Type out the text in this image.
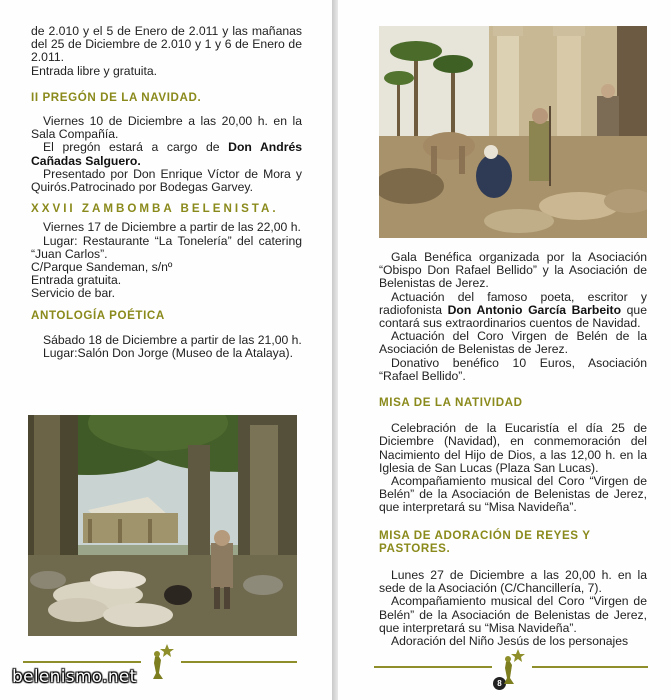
de 2.010 y el 5 de Enero de 2.011 y las mañanas del 25 de Diciembre de 2.010 y 1 y 6 de Enero de 2.011.

Entrada libre y gratuita.

II PREGÓN DE LA NAVIDAD.

Viernes 10 de Diciembre a las 20,00 h. en la Sala Compañía.

El pregón estará a cargo de Don Andrés Cañadas Salguero.

Presentado por Don Enrique Víctor de Mora y Quirós.Patrocinado por Bodegas Garvey.

XXVII ZAMBOMBA BELENISTA.

Viernes 17 de Diciembre a partir de las 22,00 h.

Lugar: Restaurante “La Tonelería” del catering “Juan Carlos”.

C/Parque Sandeman, s/nº

Entrada gratuita.

Servicio de bar.

ANTOLOGÍA POÉTICA

Sábado 18 de Diciembre a partir de las 21,00 h.

Lugar:Salón Don Jorge (Museo de la Atalaya).

Gala Benéfica organizada por la Asociación “Obispo Don Rafael Bellido” y la Asociación de Belenistas de Jerez.

Actuación del famoso poeta, escritor y radiofonista Don Antonio García Barbeito que contará sus extraordinarios cuentos de Navidad.

Actuación del Coro Virgen de Belén de la Asociación de Belenistas de Jerez.

Donativo benéfico 10 Euros, Asociación “Rafael Bellido”.

MISA DE LA NATIVIDAD

Celebración de la Eucaristía el día 25 de Diciembre (Navidad), en conmemoración del Nacimiento del Hijo de Dios, a las 12,00 h. en la Iglesia de San Lucas (Plaza San Lucas).

Acompañamiento musical del Coro “Virgen de Belén” de la Asociación de Belenistas de Jerez, que interpretará su “Misa Navideña”.

MISA DE ADORACIÓN DE REYES Y PASTORES.

Lunes 27 de Diciembre a las 20,00 h. en la sede de la Asociación (C/Chancillería, 7).

Acompañamiento musical del Coro “Virgen de Belén” de la Asociación de Belenistas de Jerez, que interpretará su “Misa Navideña”.

Adoración del Niño Jesús de los personajes

8
belenismo.net
